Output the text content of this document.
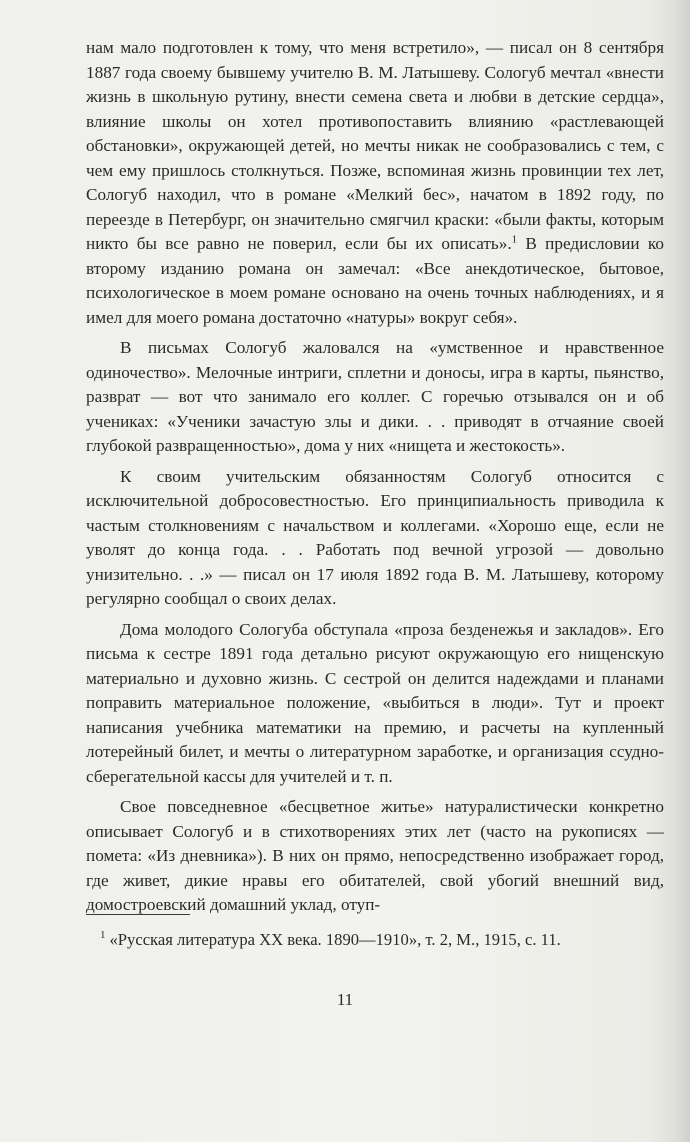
нам мало подготовлен к тому, что меня встретило», — писал он 8 сентября 1887 года своему бывшему учителю В. М. Латышеву. Сологуб мечтал «внести жизнь в школьную рутину, внести семена света и любви в детские сердца», влияние школы он хотел противопоставить влиянию «растлевающей обстановки», окружающей детей, но мечты никак не сообразовались с тем, с чем ему пришлось столкнуться. Позже, вспоминая жизнь провинции тех лет, Сологуб находил, что в романе «Мелкий бес», начатом в 1892 году, по переезде в Петербург, он значительно смягчил краски: «были факты, которым никто бы все равно не поверил, если бы их описать».$^1$ В предисловии ко второму изданию романа он замечал: «Все анекдотическое, бытовое, психологическое в моем романе основано на очень точных наблюдениях, и я имел для моего романа достаточно «натуры» вокруг себя».

В письмах Сологуб жаловался на «умственное и нравственное одиночество». Мелочные интриги, сплетни и доносы, игра в карты, пьянство, разврат — вот что занимало его коллег. С горечью отзывался он и об учениках: «Ученики зачастую злы и дики. . . приводят в отчаяние своей глубокой развращенностью», дома у них «нищета и жестокость».

К своим учительским обязанностям Сологуб относится с исключительной добросовестностью. Его принципиальность приводила к частым столкновениям с начальством и коллегами. «Хорошо еще, если не уволят до конца года. . . Работать под вечной угрозой — довольно унизительно. . .» — писал он 17 июля 1892 года В. М. Латышеву, которому регулярно сообщал о своих делах.

Дома молодого Сологуба обступала «проза безденежья и закладов». Его письма к сестре 1891 года детально рисуют окружающую его нищенскую материально и духовно жизнь. С сестрой он делится надеждами и планами поправить материальное положение, «выбиться в люди». Тут и проект написания учебника математики на премию, и расчеты на купленный лотерейный билет, и мечты о литературном заработке, и организация ссудно-сберегательной кассы для учителей и т. п.

Свое повседневное «бесцветное житье» натуралистически конкретно описывает Сологуб и в стихотворениях этих лет (часто на рукописях — помета: «Из дневника»). В них он прямо, непосредственно изображает город, где живет, дикие нравы его обитателей, свой убогий внешний вид, домостроевский домашний уклад, отуп-

$^1$ «Русская литература XX века. 1890—1910», т. 2, М., 1915, с. 11.
11
